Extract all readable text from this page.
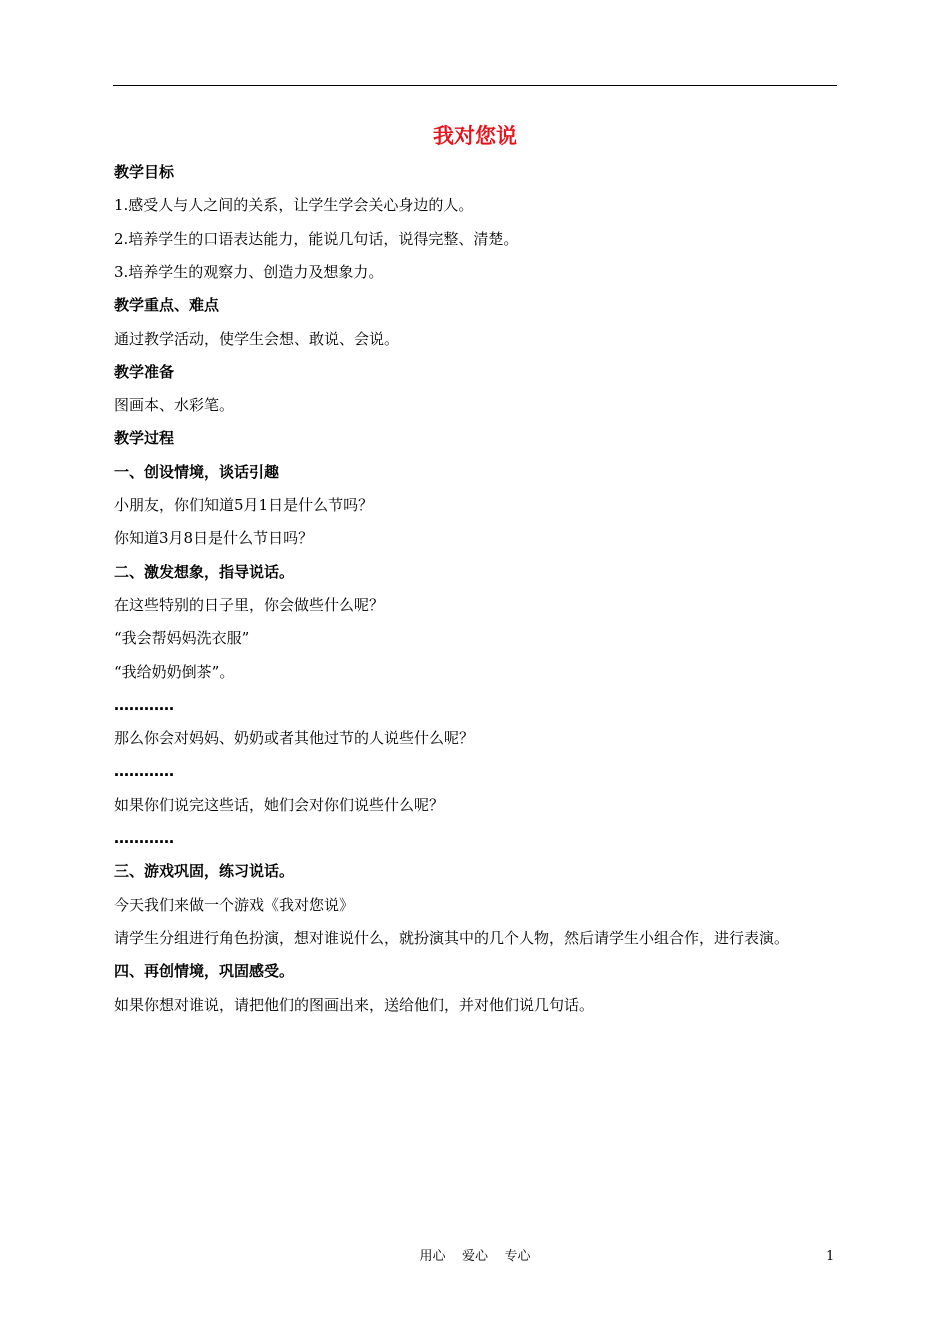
我对您说
教学目标
1.感受人与人之间的关系，让学生学会关心身边的人。
2.培养学生的口语表达能力，能说几句话，说得完整、清楚。
3.培养学生的观察力、创造力及想象力。
教学重点、难点
通过教学活动，使学生会想、敢说、会说。
教学准备
图画本、水彩笔。
教学过程
一、创设情境，谈话引趣
小朋友，你们知道5月1日是什么节吗？
你知道3月8日是什么节日吗？
二、激发想象，指导说话。
在这些特别的日子里，你会做些什么呢？
“我会帮妈妈洗衣服”
“我给奶奶倒茶”。
…………
那么你会对妈妈、奶奶或者其他过节的人说些什么呢？
…………
如果你们说完这些话，她们会对你们说些什么呢？
…………
三、游戏巩固，练习说话。
今天我们来做一个游戏《我对您说》
请学生分组进行角色扮演，想对谁说什么，就扮演其中的几个人物，然后请学生小组合作，进行表演。
四、再创情境，巩固感受。
如果你想对谁说，请把他们的图画出来，送给他们，并对他们说几句话。
用心    爱心    专心	1
